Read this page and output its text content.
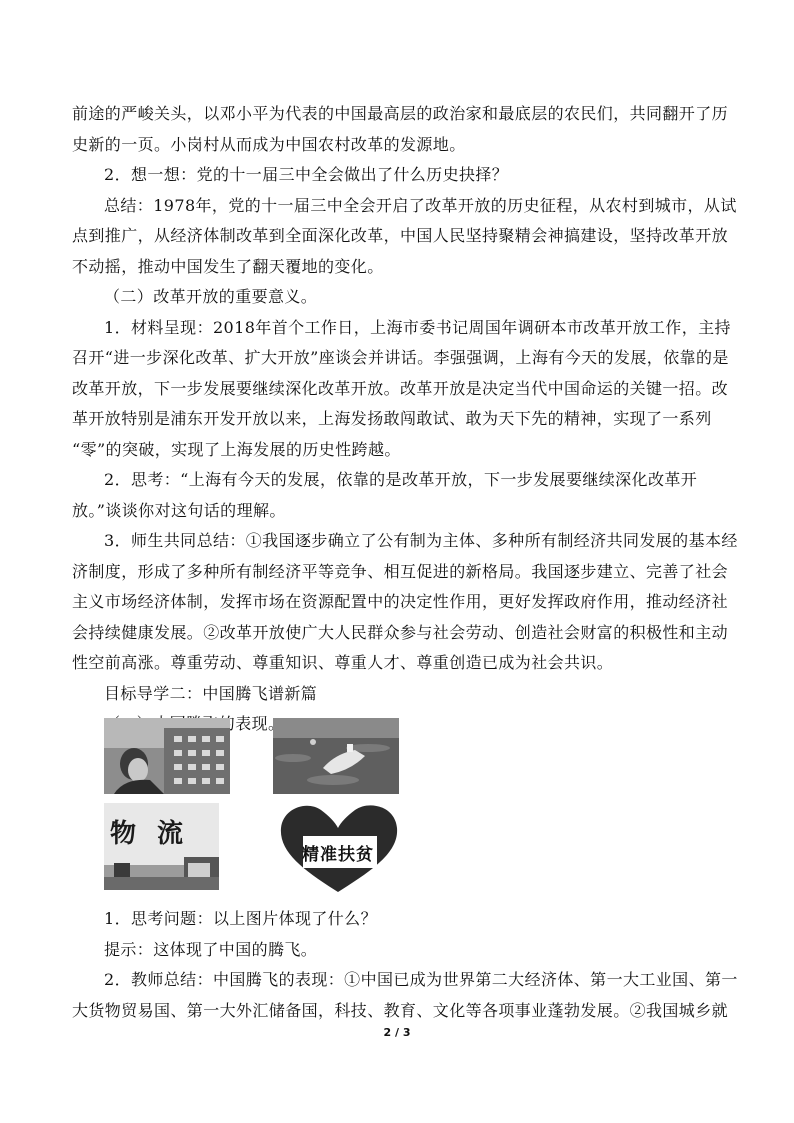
前途的严峻关头，以邓小平为代表的中国最高层的政治家和最底层的农民们，共同翻开了历
史新的一页。小岗村从而成为中国农村改革的发源地。
2．想一想：党的十一届三中全会做出了什么历史抉择？
总结：1978年，党的十一届三中全会开启了改革开放的历史征程，从农村到城市，从试
点到推广，从经济体制改革到全面深化改革，中国人民坚持聚精会神搞建设，坚持改革开放
不动摇，推动中国发生了翻天覆地的变化。
（二）改革开放的重要意义。
1．材料呈现：2018年首个工作日，上海市委书记周国年调研本市改革开放工作，主持
召开“进一步深化改革、扩大开放”座谈会并讲话。李强强调，上海有今天的发展，依靠的是
改革开放，下一步发展要继续深化改革开放。改革开放是决定当代中国命运的关键一招。改
革开放特别是浦东开发开放以来，上海发扬敢闯敢试、敢为天下先的精神，实现了一系列
“零”的突破，实现了上海发展的历史性跨越。
2．思考：“上海有今天的发展，依靠的是改革开放，下一步发展要继续深化改革开
放。”谈谈你对这句话的理解。
3．师生共同总结：①我国逐步确立了公有制为主体、多种所有制经济共同发展的基本经
济制度，形成了多种所有制经济平等竞争、相互促进的新格局。我国逐步建立、完善了社会
主义市场经济体制，发挥市场在资源配置中的决定性作用，更好发挥政府作用，推动经济社
会持续健康发展。②改革开放使广大人民群众参与社会劳动、创造社会财富的积极性和主动
性空前高涨。尊重劳动、尊重知识、尊重人才、尊重创造已成为社会共识。
目标导学二：中国腾飞谱新篇
物 流
精准扶贫
1．思考问题：以上图片体现了什么？
提示：这体现了中国的腾飞。
2．教师总结：中国腾飞的表现：①中国已成为世界第二大经济体、第一大工业国、第一
大货物贸易国、第一大外汇储备国，科技、教育、文化等各项事业蓬勃发展。②我国城乡就
2 / 3
